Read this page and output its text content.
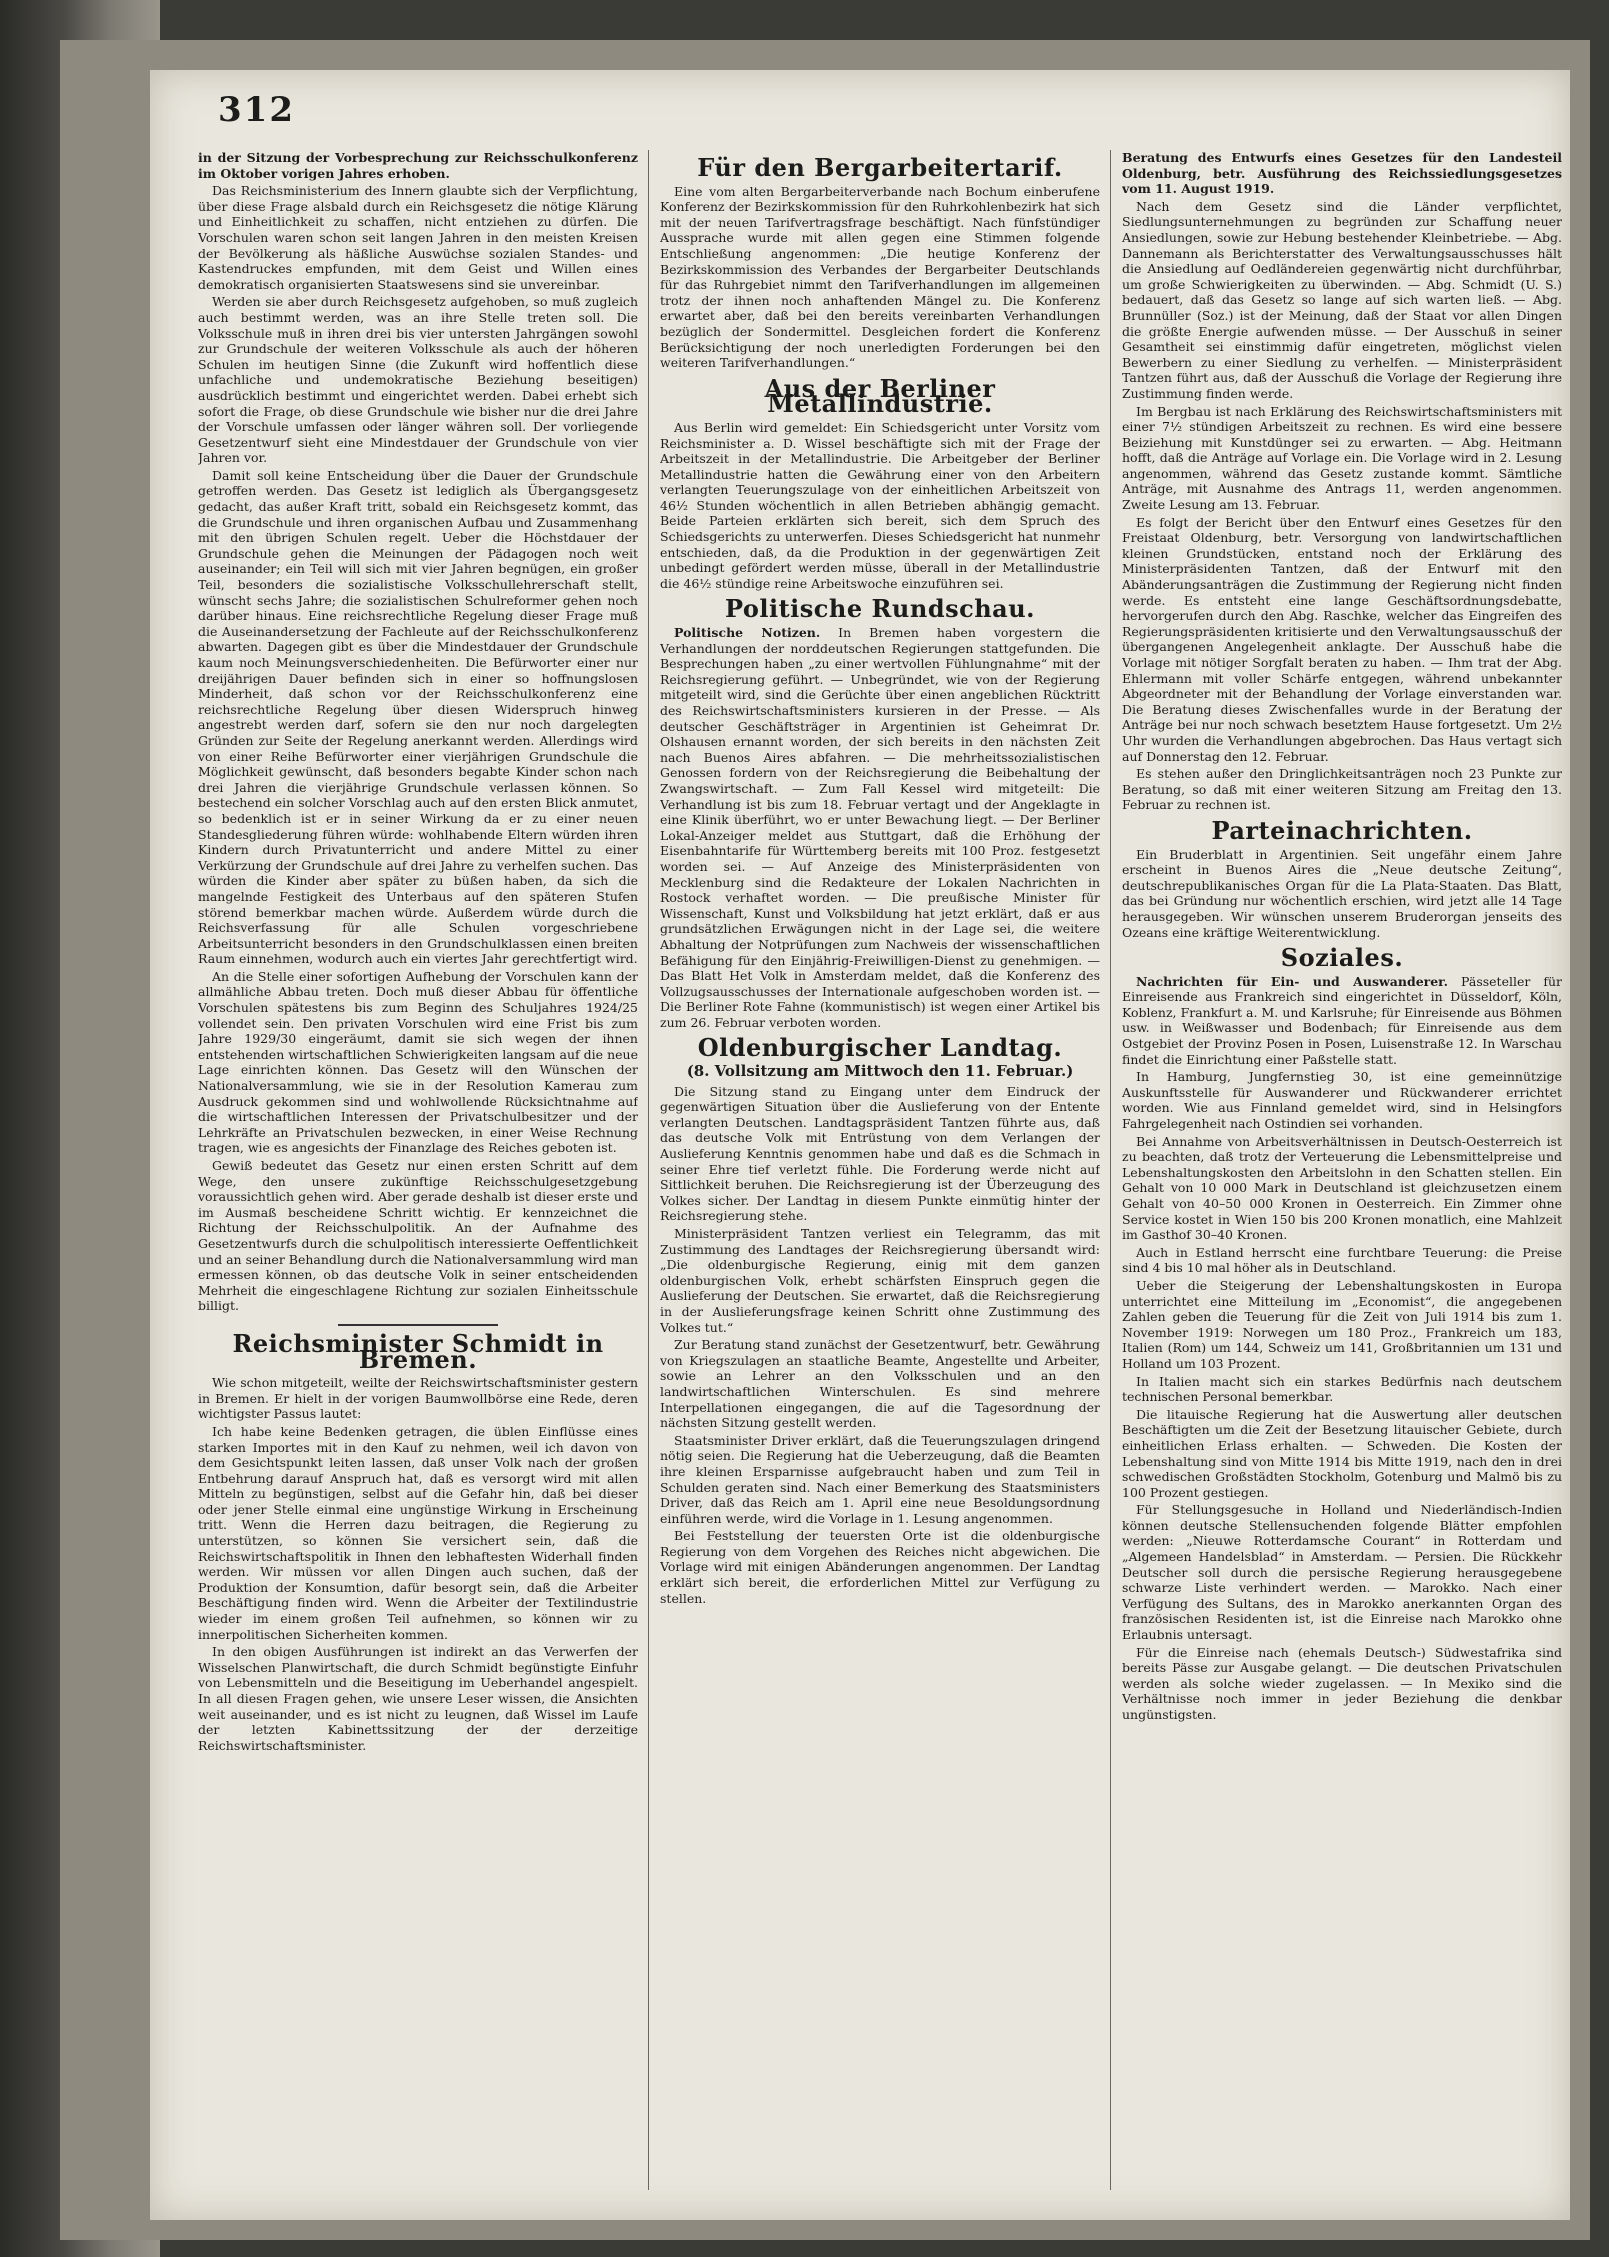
312

in der Sitzung der Vorbesprechung zur Reichsschulkonferenz im Oktober vorigen Jahres erhoben.

Das Reichsministerium des Innern glaubte sich der Verpflichtung, über diese Frage alsbald durch ein Reichsgesetz die nötige Klärung und Einheitlichkeit zu schaffen, nicht entziehen zu dürfen. Die Vorschulen waren schon seit langen Jahren in den meisten Kreisen der Bevölkerung als häßliche Auswüchse sozialen Standes- und Kastendruckes empfunden, mit dem Geist und Willen eines demokratisch organisierten Staatswesens sind sie unvereinbar.

Werden sie aber durch Reichsgesetz aufgehoben, so muß zugleich auch bestimmt werden, was an ihre Stelle treten soll. Die Volksschule muß in ihren drei bis vier untersten Jahrgängen sowohl zur Grundschule der weiteren Volksschule als auch der höheren Schulen im heutigen Sinne (die Zukunft wird hoffentlich diese unfachliche und undemokratische Beziehung beseitigen) ausdrücklich bestimmt und eingerichtet werden. Dabei erhebt sich sofort die Frage, ob diese Grundschule wie bisher nur die drei Jahre der Vorschule umfassen oder länger währen soll. Der vorliegende Gesetzentwurf sieht eine Mindestdauer der Grundschule von vier Jahren vor.

Damit soll keine Entscheidung über die Dauer der Grundschule getroffen werden. Das Gesetz ist lediglich als Übergangsgesetz gedacht, das außer Kraft tritt, sobald ein Reichsgesetz kommt, das die Grundschule und ihren organischen Aufbau und Zusammenhang mit den übrigen Schulen regelt. Ueber die Höchstdauer der Grundschule gehen die Meinungen der Pädagogen noch weit auseinander; ein Teil will sich mit vier Jahren begnügen, ein großer Teil, besonders die sozialistische Volksschullehrerschaft stellt, wünscht sechs Jahre; die sozialistischen Schulreformer gehen noch darüber hinaus. Eine reichsrechtliche Regelung dieser Frage muß die Auseinandersetzung der Fachleute auf der Reichsschulkonferenz abwarten. Dagegen gibt es über die Mindestdauer der Grundschule kaum noch Meinungsverschiedenheiten. Die Befürworter einer nur dreijährigen Dauer befinden sich in einer so hoffnungslosen Minderheit, daß schon vor der Reichsschulkonferenz eine reichsrechtliche Regelung über diesen Widerspruch hinweg angestrebt werden darf, sofern sie den nur noch dargelegten Gründen zur Seite der Regelung anerkannt werden. Allerdings wird von einer Reihe Befürworter einer vierjährigen Grundschule die Möglichkeit gewünscht, daß besonders begabte Kinder schon nach drei Jahren die vierjährige Grundschule verlassen können. So bestechend ein solcher Vorschlag auch auf den ersten Blick anmutet, so bedenklich ist er in seiner Wirkung da er zu einer neuen Standesgliederung führen würde: wohlhabende Eltern würden ihren Kindern durch Privatunterricht und andere Mittel zu einer Verkürzung der Grundschule auf drei Jahre zu verhelfen suchen. Das würden die Kinder aber später zu büßen haben, da sich die mangelnde Festigkeit des Unterbaus auf den späteren Stufen störend bemerkbar machen würde. Außerdem würde durch die Reichsverfassung für alle Schulen vorgeschriebene Arbeitsunterricht besonders in den Grundschulklassen einen breiten Raum einnehmen, wodurch auch ein viertes Jahr gerechtfertigt wird.

An die Stelle einer sofortigen Aufhebung der Vorschulen kann der allmähliche Abbau treten. Doch muß dieser Abbau für öffentliche Vorschulen spätestens bis zum Beginn des Schuljahres 1924/25 vollendet sein. Den privaten Vorschulen wird eine Frist bis zum Jahre 1929/30 eingeräumt, damit sie sich wegen der ihnen entstehenden wirtschaftlichen Schwierigkeiten langsam auf die neue Lage einrichten können. Das Gesetz will den Wünschen der Nationalversammlung, wie sie in der Resolution Kamerau zum Ausdruck gekommen sind und wohlwollende Rücksichtnahme auf die wirtschaftlichen Interessen der Privatschulbesitzer und der Lehrkräfte an Privatschulen bezwecken, in einer Weise Rechnung tragen, wie es angesichts der Finanzlage des Reiches geboten ist.

Gewiß bedeutet das Gesetz nur einen ersten Schritt auf dem Wege, den unsere zukünftige Reichsschulgesetzgebung voraussichtlich gehen wird. Aber gerade deshalb ist dieser erste und im Ausmaß bescheidene Schritt wichtig. Er kennzeichnet die Richtung der Reichsschulpolitik. An der Aufnahme des Gesetzentwurfs durch die schulpolitisch interessierte Oeffentlichkeit und an seiner Behandlung durch die Nationalversammlung wird man ermessen können, ob das deutsche Volk in seiner entscheidenden Mehrheit die eingeschlagene Richtung zur sozialen Einheitsschule billigt.

Reichsminister Schmidt in Bremen.

Wie schon mitgeteilt, weilte der Reichswirtschaftsminister gestern in Bremen. Er hielt in der vorigen Baumwollbörse eine Rede, deren wichtigster Passus lautet:

Ich habe keine Bedenken getragen, die üblen Einflüsse eines starken Importes mit in den Kauf zu nehmen, weil ich davon von dem Gesichtspunkt leiten lassen, daß unser Volk nach der großen Entbehrung darauf Anspruch hat, daß es versorgt wird mit allen Mitteln zu begünstigen, selbst auf die Gefahr hin, daß bei dieser oder jener Stelle einmal eine ungünstige Wirkung in Erscheinung tritt. Wenn die Herren dazu beitragen, die Regierung zu unterstützen, so können Sie versichert sein, daß die Reichswirtschaftspolitik in Ihnen den lebhaftesten Widerhall finden werden. Wir müssen vor allen Dingen auch suchen, daß der Produktion der Konsumtion, dafür besorgt sein, daß die Arbeiter Beschäftigung finden wird. Wenn die Arbeiter der Textilindustrie wieder im einem großen Teil aufnehmen, so können wir zu innerpolitischen Sicherheiten kommen.

In den obigen Ausführungen ist indirekt an das Verwerfen der Wisselschen Planwirtschaft, die durch Schmidt begünstigte Einfuhr von Lebensmitteln und die Beseitigung im Ueberhandel angespielt. In all diesen Fragen gehen, wie unsere Leser wissen, die Ansichten weit auseinander, und es ist nicht zu leugnen, daß Wissel im Laufe der letzten Kabinettssitzung der der derzeitige Reichswirtschaftsminister.

Für den Bergarbeitertarif.

Eine vom alten Bergarbeiterverbande nach Bochum einberufene Konferenz der Bezirkskommission für den Ruhrkohlenbezirk hat sich mit der neuen Tarifvertragsfrage beschäftigt. Nach fünfstündiger Aussprache wurde mit allen gegen eine Stimmen folgende Entschließung angenommen: „Die heutige Konferenz der Bezirkskommission des Verbandes der Bergarbeiter Deutschlands für das Ruhrgebiet nimmt den Tarifverhandlungen im allgemeinen trotz der ihnen noch anhaftenden Mängel zu. Die Konferenz erwartet aber, daß bei den bereits vereinbarten Verhandlungen bezüglich der Sondermittel. Desgleichen fordert die Konferenz Berücksichtigung der noch unerledigten Forderungen bei den weiteren Tarifverhandlungen.“

Aus der Berliner Metallindustrie.

Aus Berlin wird gemeldet: Ein Schiedsgericht unter Vorsitz vom Reichsminister a. D. Wissel beschäftigte sich mit der Frage der Arbeitszeit in der Metallindustrie. Die Arbeitgeber der Berliner Metallindustrie hatten die Gewährung einer von den Arbeitern verlangten Teuerungszulage von der einheitlichen Arbeitszeit von 46½ Stunden wöchentlich in allen Betrieben abhängig gemacht. Beide Parteien erklärten sich bereit, sich dem Spruch des Schiedsgerichts zu unterwerfen. Dieses Schiedsgericht hat nunmehr entschieden, daß, da die Produktion in der gegenwärtigen Zeit unbedingt gefördert werden müsse, überall in der Metallindustrie die 46½ stündige reine Arbeitswoche einzuführen sei.

Politische Rundschau.

Politische Notizen. In Bremen haben vorgestern die Verhandlungen der norddeutschen Regierungen stattgefunden. Die Besprechungen haben „zu einer wertvollen Fühlungnahme“ mit der Reichsregierung geführt. — Unbegründet, wie von der Regierung mitgeteilt wird, sind die Gerüchte über einen angeblichen Rücktritt des Reichswirtschaftsministers kursieren in der Presse. — Als deutscher Geschäftsträger in Argentinien ist Geheimrat Dr. Olshausen ernannt worden, der sich bereits in den nächsten Zeit nach Buenos Aires abfahren. — Die mehrheitssozialistischen Genossen fordern von der Reichsregierung die Beibehaltung der Zwangswirtschaft. — Zum Fall Kessel wird mitgeteilt: Die Verhandlung ist bis zum 18. Februar vertagt und der Angeklagte in eine Klinik überführt, wo er unter Bewachung liegt. — Der Berliner Lokal-Anzeiger meldet aus Stuttgart, daß die Erhöhung der Eisenbahntarife für Württemberg bereits mit 100 Proz. festgesetzt worden sei. — Auf Anzeige des Ministerpräsidenten von Mecklenburg sind die Redakteure der Lokalen Nachrichten in Rostock verhaftet worden. — Die preußische Minister für Wissenschaft, Kunst und Volksbildung hat jetzt erklärt, daß er aus grundsätzlichen Erwägungen nicht in der Lage sei, die weitere Abhaltung der Notprüfungen zum Nachweis der wissenschaftlichen Befähigung für den Einjährig-Freiwilligen-Dienst zu genehmigen. — Das Blatt Het Volk in Amsterdam meldet, daß die Konferenz des Vollzugsausschusses der Internationale aufgeschoben worden ist. — Die Berliner Rote Fahne (kommunistisch) ist wegen einer Artikel bis zum 26. Februar verboten worden.

Oldenburgischer Landtag.
(8. Vollsitzung am Mittwoch den 11. Februar.)

Die Sitzung stand zu Eingang unter dem Eindruck der gegenwärtigen Situation über die Auslieferung von der Entente verlangten Deutschen. Landtagspräsident Tantzen führte aus, daß das deutsche Volk mit Entrüstung von dem Verlangen der Auslieferung Kenntnis genommen habe und daß es die Schmach in seiner Ehre tief verletzt fühle. Die Forderung werde nicht auf Sittlichkeit beruhen. Die Reichsregierung ist der Überzeugung des Volkes sicher. Der Landtag in diesem Punkte einmütig hinter der Reichsregierung stehe.

Ministerpräsident Tantzen verliest ein Telegramm, das mit Zustimmung des Landtages der Reichsregierung übersandt wird: „Die oldenburgische Regierung, einig mit dem ganzen oldenburgischen Volk, erhebt schärfsten Einspruch gegen die Auslieferung der Deutschen. Sie erwartet, daß die Reichsregierung in der Auslieferungsfrage keinen Schritt ohne Zustimmung des Volkes tut.“

Zur Beratung stand zunächst der Gesetzentwurf, betr. Gewährung von Kriegszulagen an staatliche Beamte, Angestellte und Arbeiter, sowie an Lehrer an den Volksschulen und an den landwirtschaftlichen Winterschulen. Es sind mehrere Interpellationen eingegangen, die auf die Tagesordnung der nächsten Sitzung gestellt werden.

Staatsminister Driver erklärt, daß die Teuerungszulagen dringend nötig seien. Die Regierung hat die Ueberzeugung, daß die Beamten ihre kleinen Ersparnisse aufgebraucht haben und zum Teil in Schulden geraten sind. Nach einer Bemerkung des Staatsministers Driver, daß das Reich am 1. April eine neue Besoldungsordnung einführen werde, wird die Vorlage in 1. Lesung angenommen.

Bei Feststellung der teuersten Orte ist die oldenburgische Regierung von dem Vorgehen des Reiches nicht abgewichen. Die Vorlage wird mit einigen Abänderungen angenommen. Der Landtag erklärt sich bereit, die erforderlichen Mittel zur Verfügung zu stellen.

Beratung des Entwurfs eines Gesetzes für den Landesteil Oldenburg, betr. Ausführung des Reichssiedlungsgesetzes vom 11. August 1919.

Nach dem Gesetz sind die Länder verpflichtet, Siedlungsunternehmungen zu begründen zur Schaffung neuer Ansiedlungen, sowie zur Hebung bestehender Kleinbetriebe. — Abg. Dannemann als Berichterstatter des Verwaltungsausschusses hält die Ansiedlung auf Oedländereien gegenwärtig nicht durchführbar, um große Schwierigkeiten zu überwinden. — Abg. Schmidt (U. S.) bedauert, daß das Gesetz so lange auf sich warten ließ. — Abg. Brunnüller (Soz.) ist der Meinung, daß der Staat vor allen Dingen die größte Energie aufwenden müsse. — Der Ausschuß in seiner Gesamtheit sei einstimmig dafür eingetreten, möglichst vielen Bewerbern zu einer Siedlung zu verhelfen. — Ministerpräsident Tantzen führt aus, daß der Ausschuß die Vorlage der Regierung ihre Zustimmung finden werde.

Im Bergbau ist nach Erklärung des Reichswirtschaftsministers mit einer 7½ stündigen Arbeitszeit zu rechnen. Es wird eine bessere Beiziehung mit Kunstdünger sei zu erwarten. — Abg. Heitmann hofft, daß die Anträge auf Vorlage ein. Die Vorlage wird in 2. Lesung angenommen, während das Gesetz zustande kommt. Sämtliche Anträge, mit Ausnahme des Antrags 11, werden angenommen. Zweite Lesung am 13. Februar.

Es folgt der Bericht über den Entwurf eines Gesetzes für den Freistaat Oldenburg, betr. Versorgung von landwirtschaftlichen kleinen Grundstücken, entstand noch der Erklärung des Ministerpräsidenten Tantzen, daß der Entwurf mit den Abänderungsanträgen die Zustimmung der Regierung nicht finden werde. Es entsteht eine lange Geschäftsordnungsdebatte, hervorgerufen durch den Abg. Raschke, welcher das Eingreifen des Regierungspräsidenten kritisierte und den Verwaltungsausschuß der übergangenen Angelegenheit anklagte. Der Ausschuß habe die Vorlage mit nötiger Sorgfalt beraten zu haben. — Ihm trat der Abg. Ehlermann mit voller Schärfe entgegen, während unbekannter Abgeordneter mit der Behandlung der Vorlage einverstanden war. Die Beratung dieses Zwischenfalles wurde in der Beratung der Anträge bei nur noch schwach besetztem Hause fortgesetzt. Um 2½ Uhr wurden die Verhandlungen abgebrochen. Das Haus vertagt sich auf Donnerstag den 12. Februar.

Es stehen außer den Dringlichkeitsanträgen noch 23 Punkte zur Beratung, so daß mit einer weiteren Sitzung am Freitag den 13. Februar zu rechnen ist.

Parteinachrichten.

Ein Bruderblatt in Argentinien. Seit ungefähr einem Jahre erscheint in Buenos Aires die „Neue deutsche Zeitung“, deutschrepublikanisches Organ für die La Plata-Staaten. Das Blatt, das bei Gründung nur wöchentlich erschien, wird jetzt alle 14 Tage herausgegeben. Wir wünschen unserem Bruderorgan jenseits des Ozeans eine kräftige Weiterentwicklung.

Soziales.

Nachrichten für Ein- und Auswanderer. Pässeteller für Einreisende aus Frankreich sind eingerichtet in Düsseldorf, Köln, Koblenz, Frankfurt a. M. und Karlsruhe; für Einreisende aus Böhmen usw. in Weißwasser und Bodenbach; für Einreisende aus dem Ostgebiet der Provinz Posen in Posen, Luisenstraße 12. In Warschau findet die Einrichtung einer Paßstelle statt.

In Hamburg, Jungfernstieg 30, ist eine gemeinnützige Auskunftsstelle für Auswanderer und Rückwanderer errichtet worden. Wie aus Finnland gemeldet wird, sind in Helsingfors Fahrgelegenheit nach Ostindien sei vorhanden.

Bei Annahme von Arbeitsverhältnissen in Deutsch-Oesterreich ist zu beachten, daß trotz der Verteuerung die Lebensmittelpreise und Lebenshaltungskosten den Arbeitslohn in den Schatten stellen. Ein Gehalt von 10 000 Mark in Deutschland ist gleichzusetzen einem Gehalt von 40–50 000 Kronen in Oesterreich. Ein Zimmer ohne Service kostet in Wien 150 bis 200 Kronen monatlich, eine Mahlzeit im Gasthof 30–40 Kronen.

Auch in Estland herrscht eine furchtbare Teuerung: die Preise sind 4 bis 10 mal höher als in Deutschland.

Ueber die Steigerung der Lebenshaltungskosten in Europa unterrichtet eine Mitteilung im „Economist“, die angegebenen Zahlen geben die Teuerung für die Zeit von Juli 1914 bis zum 1. November 1919: Norwegen um 180 Proz., Frankreich um 183, Italien (Rom) um 144, Schweiz um 141, Großbritannien um 131 und Holland um 103 Prozent.

In Italien macht sich ein starkes Bedürfnis nach deutschem technischen Personal bemerkbar.

Die litauische Regierung hat die Auswertung aller deutschen Beschäftigten um die Zeit der Besetzung litauischer Gebiete, durch einheitlichen Erlass erhalten. — Schweden. Die Kosten der Lebenshaltung sind von Mitte 1914 bis Mitte 1919, nach den in drei schwedischen Großstädten Stockholm, Gotenburg und Malmö bis zu 100 Prozent gestiegen.

Für Stellungsgesuche in Holland und Niederländisch-Indien können deutsche Stellensuchenden folgende Blätter empfohlen werden: „Nieuwe Rotterdamsche Courant“ in Rotterdam und „Algemeen Handelsblad“ in Amsterdam. — Persien. Die Rückkehr Deutscher soll durch die persische Regierung herausgegebene schwarze Liste verhindert werden. — Marokko. Nach einer Verfügung des Sultans, des in Marokko anerkannten Organ des französischen Residenten ist, ist die Einreise nach Marokko ohne Erlaubnis untersagt.

Für die Einreise nach (ehemals Deutsch-) Südwestafrika sind bereits Pässe zur Ausgabe gelangt. — Die deutschen Privatschulen werden als solche wieder zugelassen. — In Mexiko sind die Verhältnisse noch immer in jeder Beziehung die denkbar ungünstigsten.
